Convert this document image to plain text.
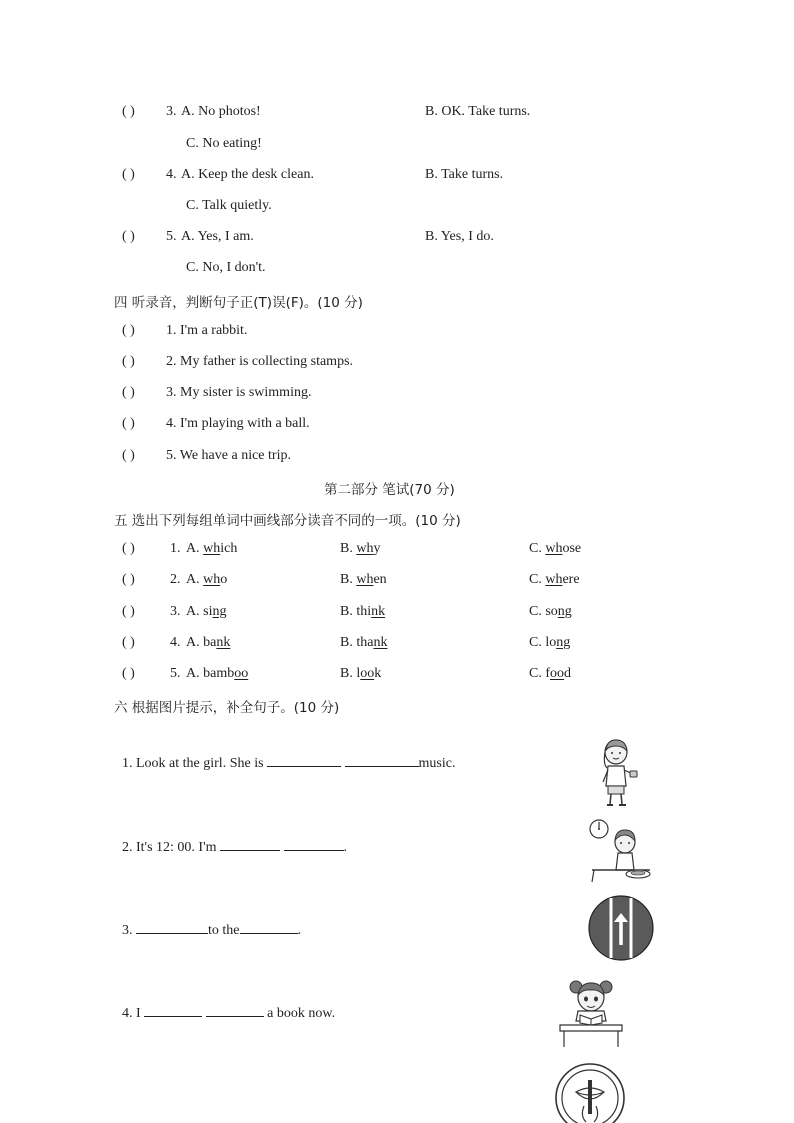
( ) 3. A. No photos!	B. OK. Take turns.
C. No eating!
( ) 4. A. Keep the desk clean.	B. Take turns.
C. Talk quietly.
( ) 5. A. Yes, I am.	B. Yes, I do.
C. No, I don't.
四 听录音，判断句子正(T)误(F)。(10 分)
( ) 1. I'm a rabbit.
( ) 2. My father is collecting stamps.
( ) 3. My sister is swimming.
( ) 4. I'm playing with a ball.
( ) 5. We have a nice trip.
第二部分 笔试(70 分)
五 选出下列每组单词中画线部分读音不同的一项。(10 分)
( )	1. A. which	B. why	C. whose
( )	2. A. who	B. when	C. where
( )	3. A. sing	B. think	C. song
( )	4. A. bank	B. thank	C. long
( )	5. A. bamboo	B. look	C. food
六 根据图片提示，补全句子。(10 分)
1. Look at the girl. She is	music.
2. It's 12: 00. I'm	.
3.	to the	.
4. I	a book now.
